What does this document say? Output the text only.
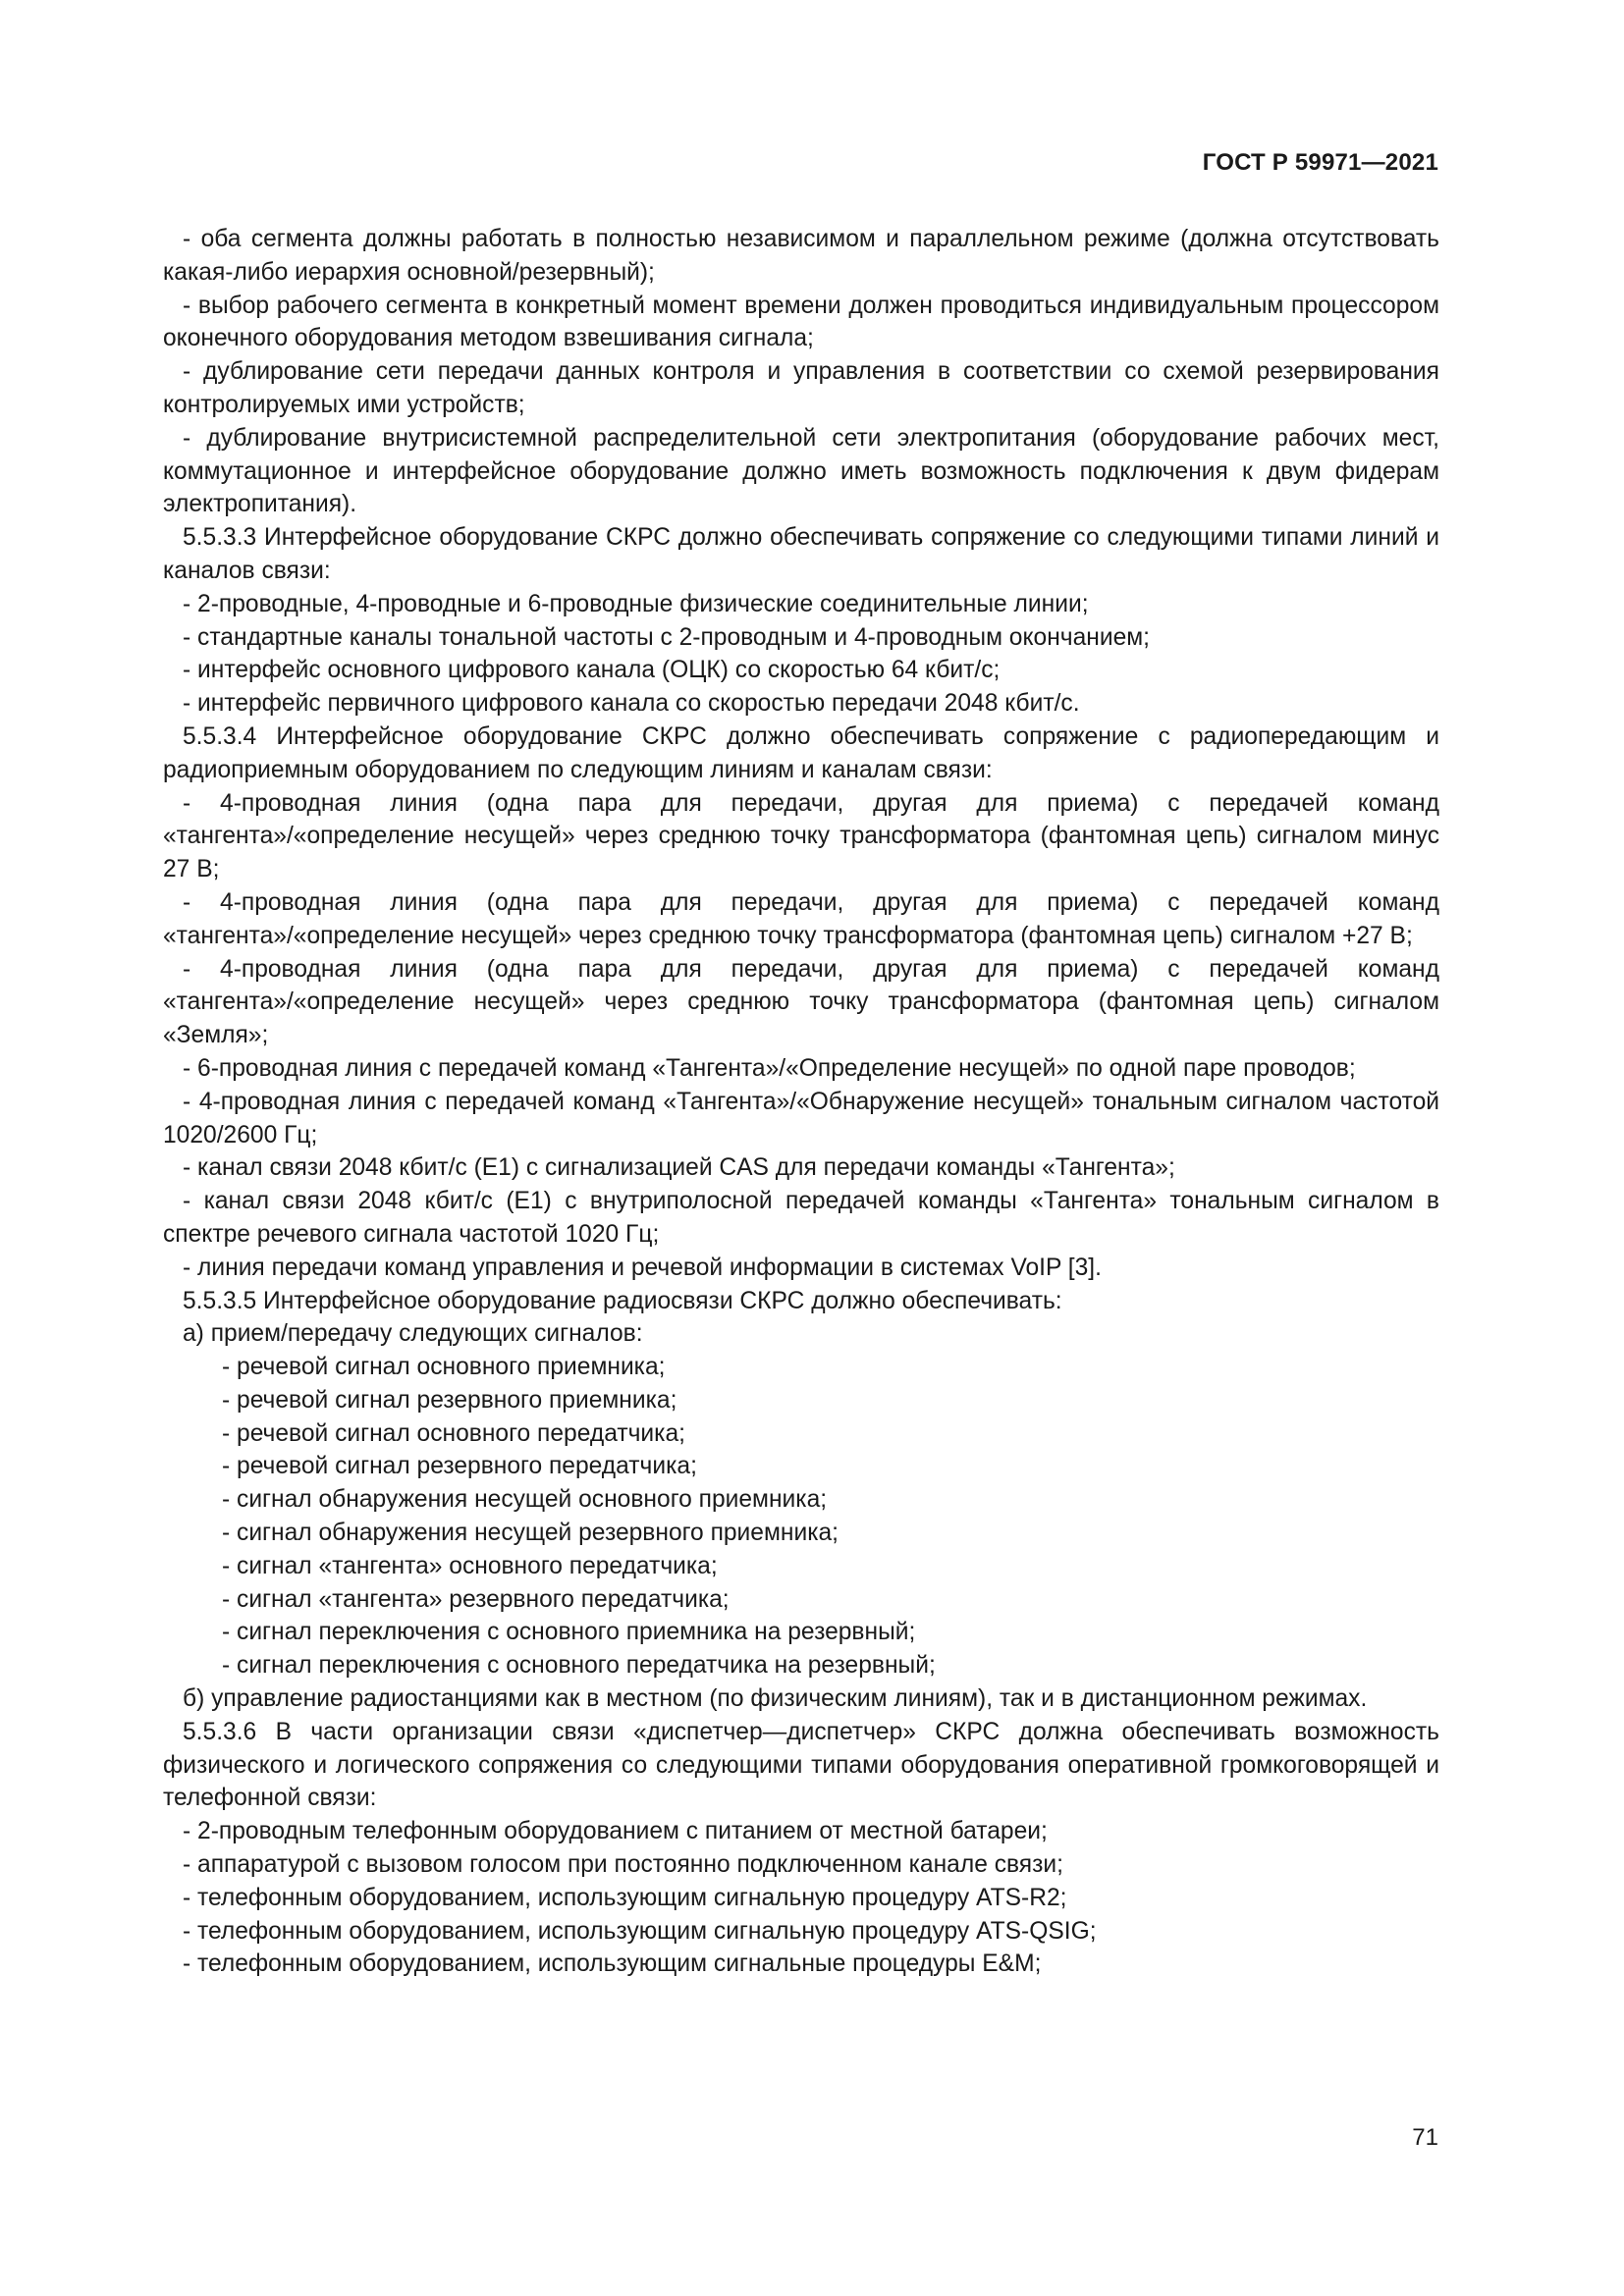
ГОСТ Р 59971—2021

- оба сегмента должны работать в полностью независимом и параллельном режиме (должна отсутствовать какая-либо иерархия основной/резервный);

- выбор рабочего сегмента в конкретный момент времени должен проводиться индивидуальным процессором оконечного оборудования методом взвешивания сигнала;

- дублирование сети передачи данных контроля и управления в соответствии со схемой резервирования контролируемых ими устройств;

- дублирование внутрисистемной распределительной сети электропитания (оборудование рабочих мест, коммутационное и интерфейсное оборудование должно иметь возможность подключения к двум фидерам электропитания).

5.5.3.3 Интерфейсное оборудование СКРС должно обеспечивать сопряжение со следующими типами линий и каналов связи:

- 2-проводные, 4-проводные и 6-проводные физические соединительные линии;

- стандартные каналы тональной частоты с 2-проводным и 4-проводным окончанием;

- интерфейс основного цифрового канала (ОЦК) со скоростью 64 кбит/с;

- интерфейс первичного цифрового канала со скоростью передачи 2048 кбит/с.

5.5.3.4 Интерфейсное оборудование СКРС должно обеспечивать сопряжение с радиопередающим и радиоприемным оборудованием по следующим линиям и каналам связи:

- 4-проводная линия (одна пара для передачи, другая для приема) с передачей команд «тангента»/«определение несущей» через среднюю точку трансформатора (фантомная цепь) сигналом минус 27 В;

- 4-проводная линия (одна пара для передачи, другая для приема) с передачей команд «тангента»/«определение несущей» через среднюю точку трансформатора (фантомная цепь) сигналом +27 В;

- 4-проводная линия (одна пара для передачи, другая для приема) с передачей команд «тангента»/«определение несущей» через среднюю точку трансформатора (фантомная цепь) сигналом «Земля»;

- 6-проводная линия с передачей команд «Тангента»/«Определение несущей» по одной паре проводов;

- 4-проводная линия с передачей команд «Тангента»/«Обнаружение несущей» тональным сигналом частотой 1020/2600 Гц;

- канал связи 2048 кбит/с (Е1) с сигнализацией CAS для передачи команды «Тангента»;

- канал связи 2048 кбит/с (Е1) с внутриполосной передачей команды «Тангента» тональным сигналом в спектре речевого сигнала частотой 1020 Гц;

- линия передачи команд управления и речевой информации в системах VoIP [3].

5.5.3.5 Интерфейсное оборудование радиосвязи СКРС должно обеспечивать:

а) прием/передачу следующих сигналов:

- речевой сигнал основного приемника;

- речевой сигнал резервного приемника;

- речевой сигнал основного передатчика;

- речевой сигнал резервного передатчика;

- сигнал обнаружения несущей основного приемника;

- сигнал обнаружения несущей резервного приемника;

- сигнал «тангента» основного передатчика;

- сигнал «тангента» резервного передатчика;

- сигнал переключения с основного приемника на резервный;

- сигнал переключения с основного передатчика на резервный;

б) управление радиостанциями как в местном (по физическим линиям), так и в дистанционном режимах.

5.5.3.6 В части организации связи «диспетчер—диспетчер» СКРС должна обеспечивать возможность физического и логического сопряжения со следующими типами оборудования оперативной громкоговорящей и телефонной связи:

- 2-проводным телефонным оборудованием с питанием от местной батареи;

- аппаратурой с вызовом голосом при постоянно подключенном канале связи;

- телефонным оборудованием, использующим сигнальную процедуру ATS-R2;

- телефонным оборудованием, использующим сигнальную процедуру ATS-QSIG;

- телефонным оборудованием, использующим сигнальные процедуры E&M;

71
